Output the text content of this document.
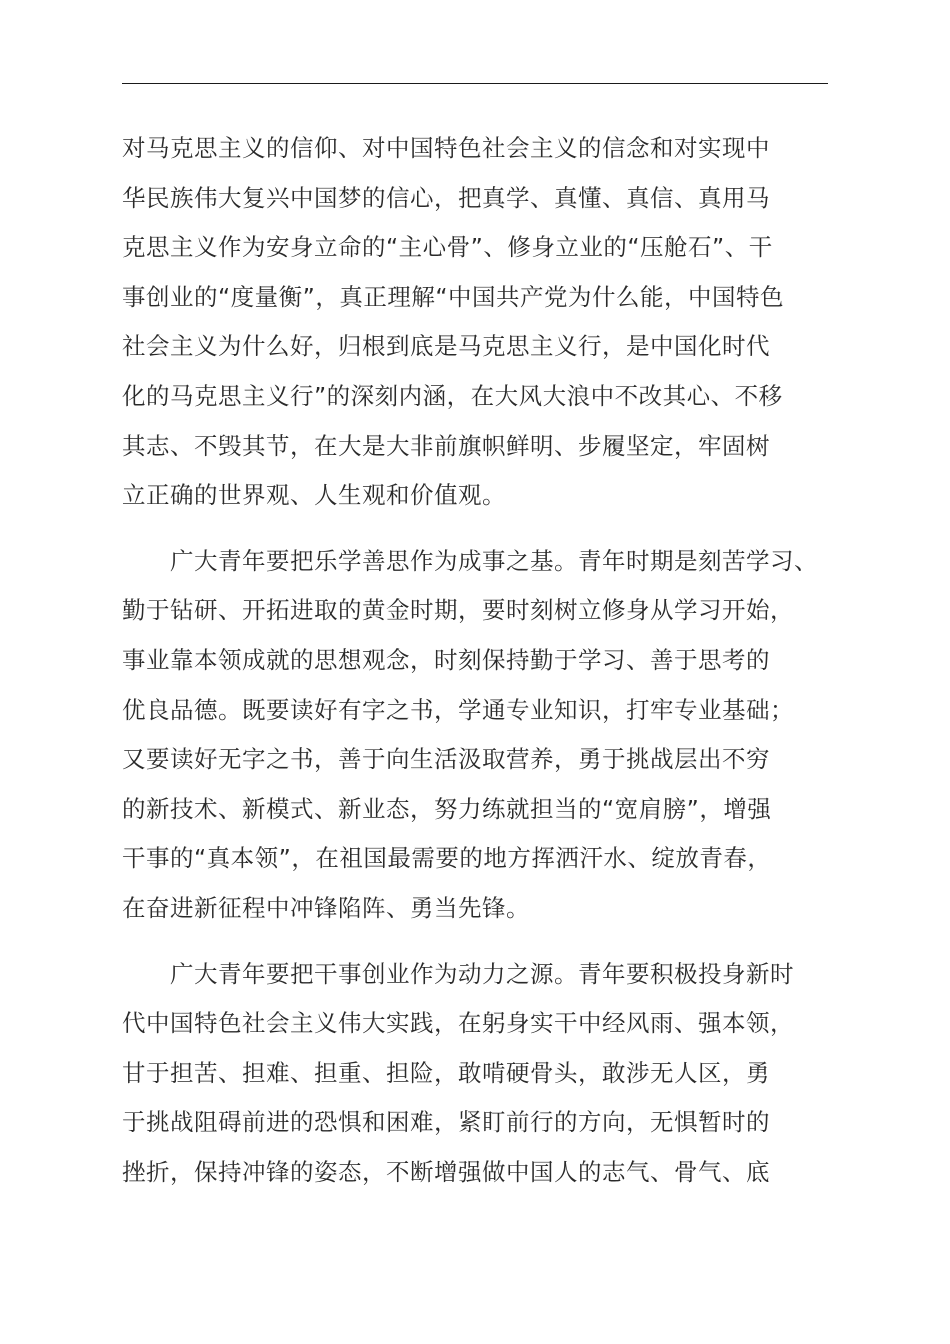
对马克思主义的信仰、对中国特色社会主义的信念和对实现中
华民族伟大复兴中国梦的信心，把真学、真懂、真信、真用马
克思主义作为安身立命的“主心骨”、修身立业的“压舱石”、干
事创业的“度量衡”，真正理解“中国共产党为什么能，中国特色
社会主义为什么好，归根到底是马克思主义行，是中国化时代
化的马克思主义行”的深刻内涵，在大风大浪中不改其心、不移
其志、不毁其节，在大是大非前旗帜鲜明、步履坚定，牢固树
立正确的世界观、人生观和价值观。
　　广大青年要把乐学善思作为成事之基。青年时期是刻苦学习、
勤于钻研、开拓进取的黄金时期，要时刻树立修身从学习开始，
事业靠本领成就的思想观念，时刻保持勤于学习、善于思考的
优良品德。既要读好有字之书，学通专业知识，打牢专业基础；
又要读好无字之书，善于向生活汲取营养，勇于挑战层出不穷
的新技术、新模式、新业态，努力练就担当的“宽肩膀”，增强
干事的“真本领”，在祖国最需要的地方挥洒汗水、绽放青春，
在奋进新征程中冲锋陷阵、勇当先锋。
　　广大青年要把干事创业作为动力之源。青年要积极投身新时
代中国特色社会主义伟大实践，在躬身实干中经风雨、强本领，
甘于担苦、担难、担重、担险，敢啃硬骨头，敢涉无人区，勇
于挑战阻碍前进的恐惧和困难，紧盯前行的方向，无惧暂时的
挫折，保持冲锋的姿态，不断增强做中国人的志气、骨气、底
